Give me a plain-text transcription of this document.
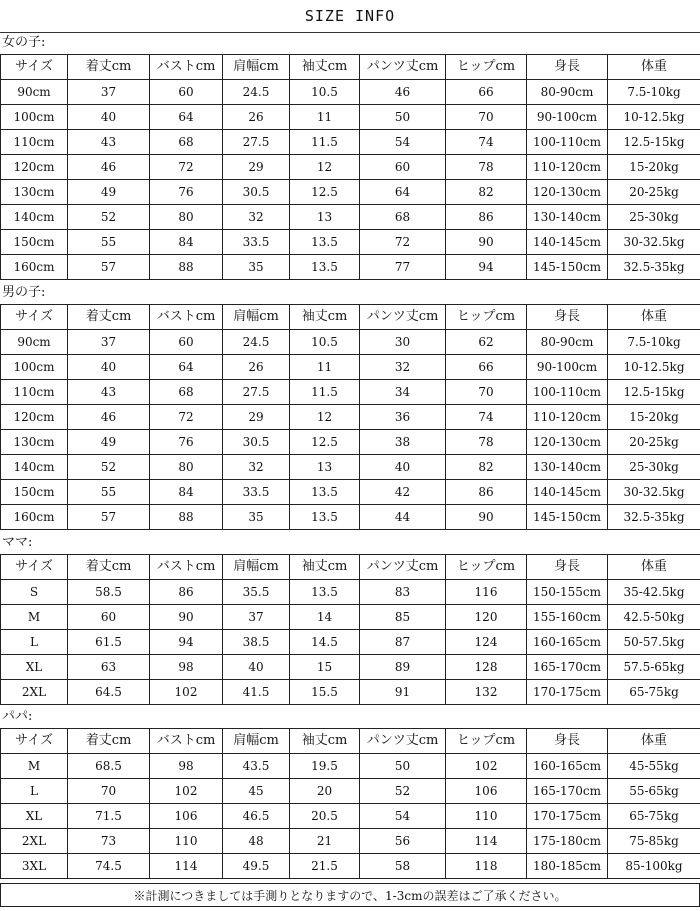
SIZE INFO
女の子:
サイズ	着丈cm	バストcm	肩幅cm	袖丈cm	パンツ丈cm	ヒップcm	身長	体重
90cm	37	60	24.5	10.5	46	66	80-90cm	7.5-10kg
100cm	40	64	26	11	50	70	90-100cm	10-12.5kg
110cm	43	68	27.5	11.5	54	74	100-110cm	12.5-15kg
120cm	46	72	29	12	60	78	110-120cm	15-20kg
130cm	49	76	30.5	12.5	64	82	120-130cm	20-25kg
140cm	52	80	32	13	68	86	130-140cm	25-30kg
150cm	55	84	33.5	13.5	72	90	140-145cm	30-32.5kg
160cm	57	88	35	13.5	77	94	145-150cm	32.5-35kg
男の子:
サイズ	着丈cm	バストcm	肩幅cm	袖丈cm	パンツ丈cm	ヒップcm	身長	体重
90cm	37	60	24.5	10.5	30	62	80-90cm	7.5-10kg
100cm	40	64	26	11	32	66	90-100cm	10-12.5kg
110cm	43	68	27.5	11.5	34	70	100-110cm	12.5-15kg
120cm	46	72	29	12	36	74	110-120cm	15-20kg
130cm	49	76	30.5	12.5	38	78	120-130cm	20-25kg
140cm	52	80	32	13	40	82	130-140cm	25-30kg
150cm	55	84	33.5	13.5	42	86	140-145cm	30-32.5kg
160cm	57	88	35	13.5	44	90	145-150cm	32.5-35kg
ママ:
サイズ	着丈cm	バストcm	肩幅cm	袖丈cm	パンツ丈cm	ヒップcm	身長	体重
S	58.5	86	35.5	13.5	83	116	150-155cm	35-42.5kg
M	60	90	37	14	85	120	155-160cm	42.5-50kg
L	61.5	94	38.5	14.5	87	124	160-165cm	50-57.5kg
XL	63	98	40	15	89	128	165-170cm	57.5-65kg
2XL	64.5	102	41.5	15.5	91	132	170-175cm	65-75kg
パパ:
サイズ	着丈cm	バストcm	肩幅cm	袖丈cm	パンツ丈cm	ヒップcm	身長	体重
M	68.5	98	43.5	19.5	50	102	160-165cm	45-55kg
L	70	102	45	20	52	106	165-170cm	55-65kg
XL	71.5	106	46.5	20.5	54	110	170-175cm	65-75kg
2XL	73	110	48	21	56	114	175-180cm	75-85kg
3XL	74.5	114	49.5	21.5	58	118	180-185cm	85-100kg
※計測につきましては手測りとなりますので、1-3cmの誤差はご了承ください。
